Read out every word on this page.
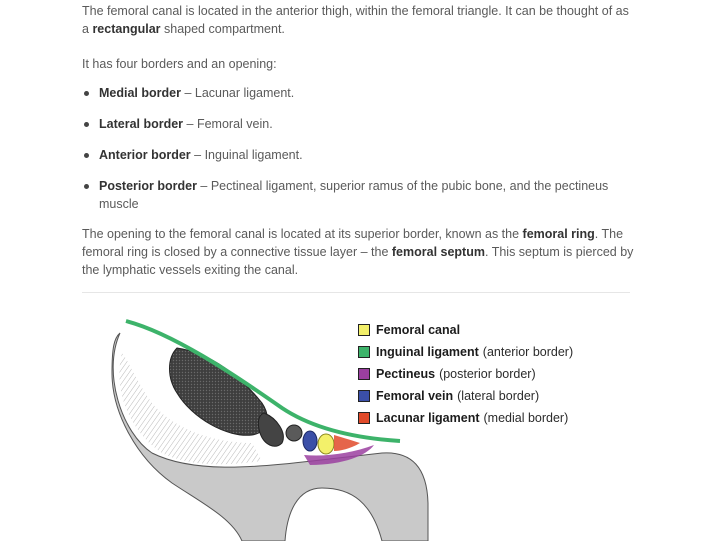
The femoral canal is located in the anterior thigh, within the femoral triangle. It can be thought of as a rectangular shaped compartment.

It has four borders and an opening:

Medial border – Lacunar ligament.
Lateral border – Femoral vein.
Anterior border – Inguinal ligament.
Posterior border – Pectineal ligament, superior ramus of the pubic bone, and the pectineus muscle

The opening to the femoral canal is located at its superior border, known as the femoral ring. The femoral ring is closed by a connective tissue layer – the femoral septum. This septum is pierced by the lymphatic vessels exiting the canal.

Femoral canal
Inguinal ligament (anterior border)
Pectineus (posterior border)
Femoral vein (lateral border)
Lacunar ligament (medial border)
